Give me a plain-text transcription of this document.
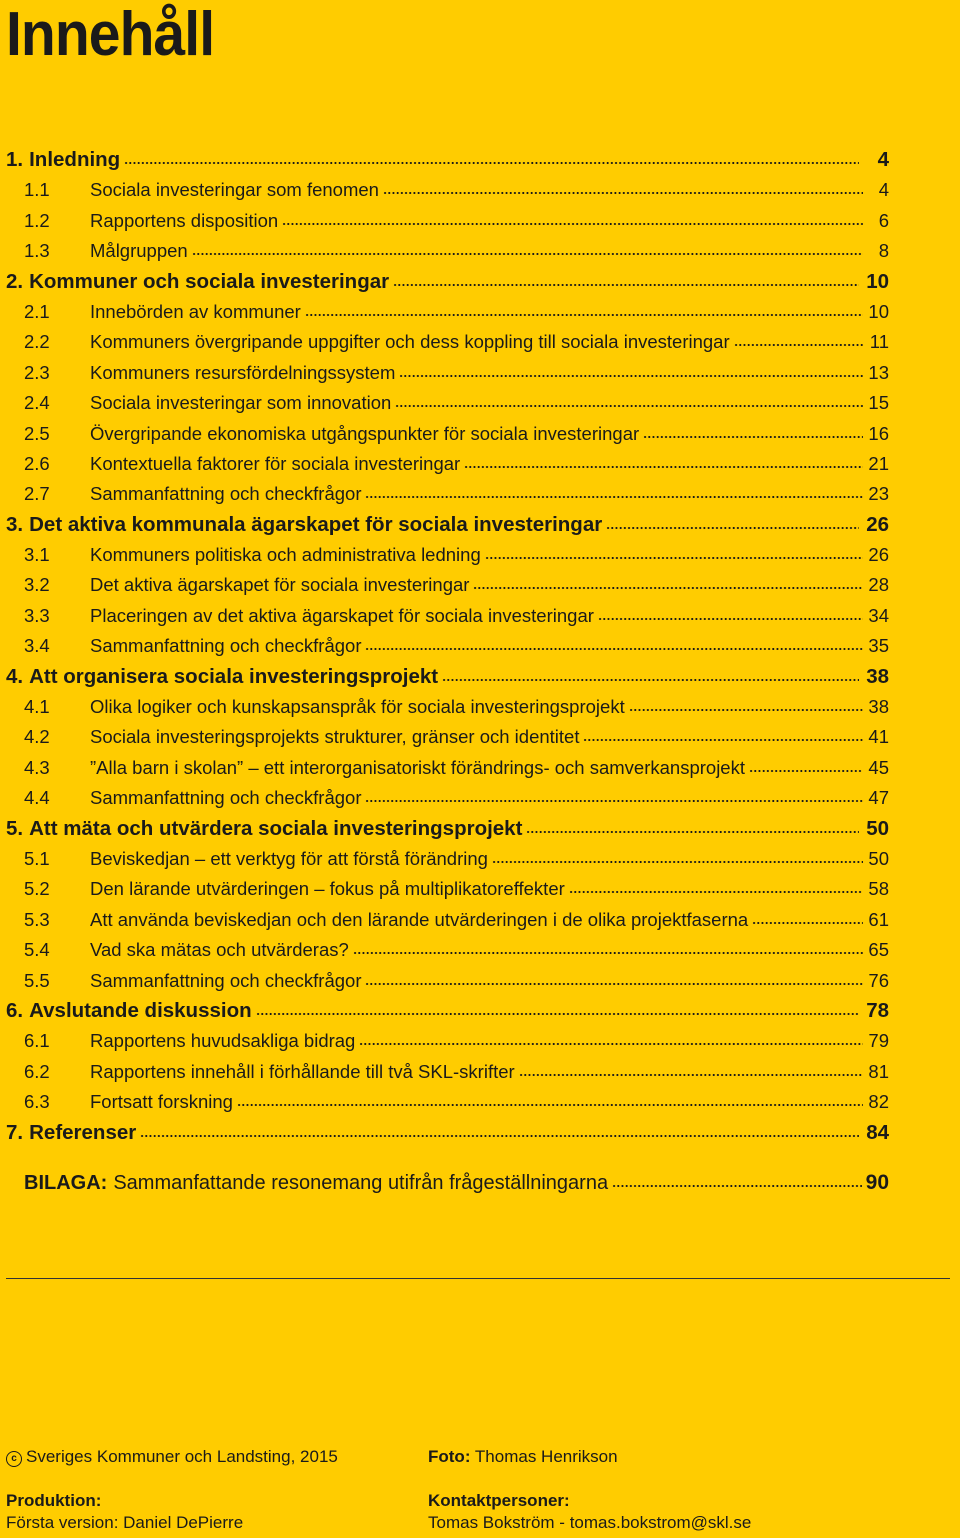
Innehåll
1. Inledning	4
1.1	Sociala investeringar som fenomen	4
1.2	Rapportens disposition	6
1.3	Målgruppen	8
2. Kommuner och sociala investeringar	10
2.1	Innebörden av kommuner	10
2.2	Kommuners övergripande uppgifter och dess koppling till sociala investeringar	11
2.3	Kommuners resursfördelningssystem	13
2.4	Sociala investeringar som innovation	15
2.5	Övergripande ekonomiska utgångspunkter för sociala investeringar	16
2.6	Kontextuella faktorer för sociala investeringar	21
2.7	Sammanfattning och checkfrågor	23
3. Det aktiva kommunala ägarskapet för sociala investeringar	26
3.1	Kommuners politiska och administrativa ledning	26
3.2	Det aktiva ägarskapet för sociala investeringar	28
3.3	Placeringen av det aktiva ägarskapet för sociala investeringar	34
3.4	Sammanfattning och checkfrågor	35
4. Att organisera sociala investeringsprojekt	38
4.1	Olika logiker och kunskapsanspråk för sociala investeringsprojekt	38
4.2	Sociala investeringsprojekts strukturer, gränser och identitet	41
4.3	”Alla barn i skolan” – ett interorganisatoriskt förändrings- och samverkansprojekt	45
4.4	Sammanfattning och checkfrågor	47
5. Att mäta och utvärdera sociala investeringsprojekt	50
5.1	Beviskedjan – ett verktyg för att förstå förändring	50
5.2	Den lärande utvärderingen – fokus på multiplikatoreffekter	58
5.3	Att använda beviskedjan och den lärande utvärderingen i de olika projektfaserna	61
5.4	Vad ska mätas och utvärderas?	65
5.5	Sammanfattning och checkfrågor	76
6. Avslutande diskussion	78
6.1	Rapportens huvudsakliga bidrag	79
6.2	Rapportens innehåll i förhållande till två SKL-skrifter	81
6.3	Fortsatt forskning	82
7. Referenser	84
BILAGA: Sammanfattande resonemang utifrån frågeställningarna	90
c Sveriges Kommuner och Landsting, 2015	Foto: Thomas Henrikson
Produktion:
Första version: Daniel DePierre
Kontaktpersoner:
Tomas Bokström - tomas.bokstrom@skl.se
